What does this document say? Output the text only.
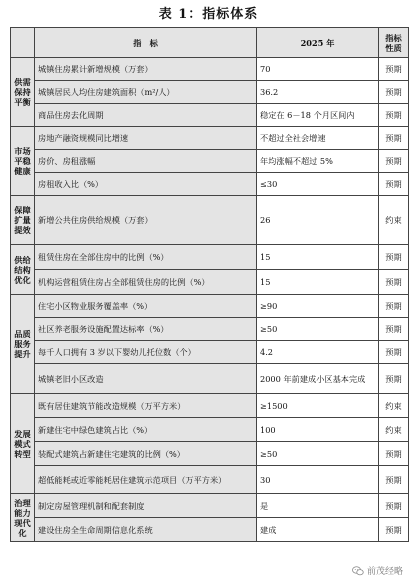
表 1：指标体系
	指　标	2025 年	指标性质
供需保持平衡	城镇住房累计新增规模（万套）	70	预期
	城镇居民人均住房建筑面积（m²/人）	36.2	预期
	商品住房去化周期	稳定在 6－18 个月区间内	预期
市场平稳健康	房地产融资规模同比增速	不超过全社会增速	预期
	房价、房租涨幅	年均涨幅不超过 5%	预期
	房租收入比（%）	≤30	预期
保障扩量提效	新增公共住房供给规模（万套）	26	约束
供给结构优化	租赁住房在全部住房中的比例（%）	15	预期
	机构运营租赁住房占全部租赁住房的比例（%）	15	预期
品质服务提升	住宅小区物业服务覆盖率（%）	≥90	预期
	社区养老服务设施配置达标率（%）	≥50	预期
	每千人口拥有 3 岁以下婴幼儿托位数（个）	4.2	预期
	城镇老旧小区改造	2000 年前建成小区基本完成	预期
发展模式转型	既有居住建筑节能改造规模（万平方米）	≥1500	约束
	新建住宅中绿色建筑占比（%）	100	约束
	装配式建筑占新建住宅建筑的比例（%）	≥50	预期
	超低能耗或近零能耗居住建筑示范项目（万平方米）	30	预期
治理能力现代化	制定房屋管理机制和配套制度	是	预期
	建设住房全生命周期信息化系统	建成	预期
前茂经略
